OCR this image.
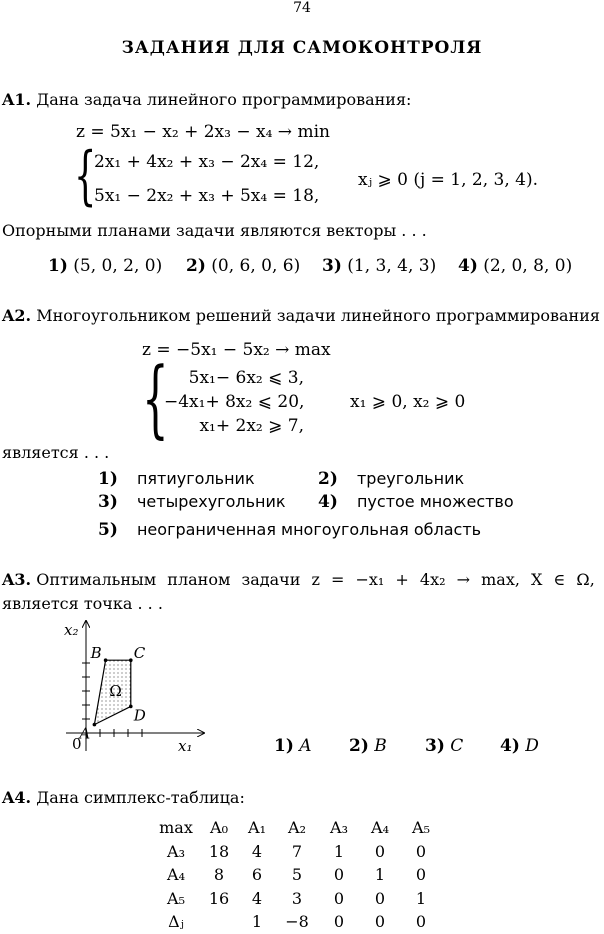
74
ЗАДАНИЯ ДЛЯ САМОКОНТРОЛЯ
A1. Дана задача линейного программирования:
z = 5x₁ − x₂ + 2x₃ − x₄ → min
{
2x₁ + 4x₂ + x₃ − 2x₄ = 12,
5x₁ − 2x₂ + x₃ + 5x₄ = 18,
xⱼ ⩾ 0 (j = 1, 2, 3, 4).
Опорными планами задачи являются векторы . . .
1) (5, 0, 2, 0) 2) (0, 6, 0, 6) 3) (1, 3, 4, 3) 4) (2, 0, 8, 0)
A2. Многоугольником решений задачи линейного программирования
z = −5x₁ − 5x₂ → max
{	5x₁− 6x₂ ⩽ 3,
−4x₁+ 8x₂ ⩽ 20,
x₁+ 2x₂ ⩾ 7,
x₁ ⩾ 0, x₂ ⩾ 0
является . . .
1) пятиугольник	2) треугольник
3) четырехугольник 4) пустое множество
5) неограниченная многоугольная область
A3. Оптимальным планом задачи z = −x₁ + 4x₂ → max, X ∈ Ω,
является точка . . .
A
B C
D
Ω
x₁
x₂
0	1) A 2) B 3) C 4) D
A4. Дана симплекс-таблица:
max	A₀	A₁	A₂	A₃	A₄	A₅
A₃	18	4	7	1	0	0
A₄	8	6	5	0	1	0
A₅	16	4	3	0	0	1
Δⱼ		1	−8	0	0	0
